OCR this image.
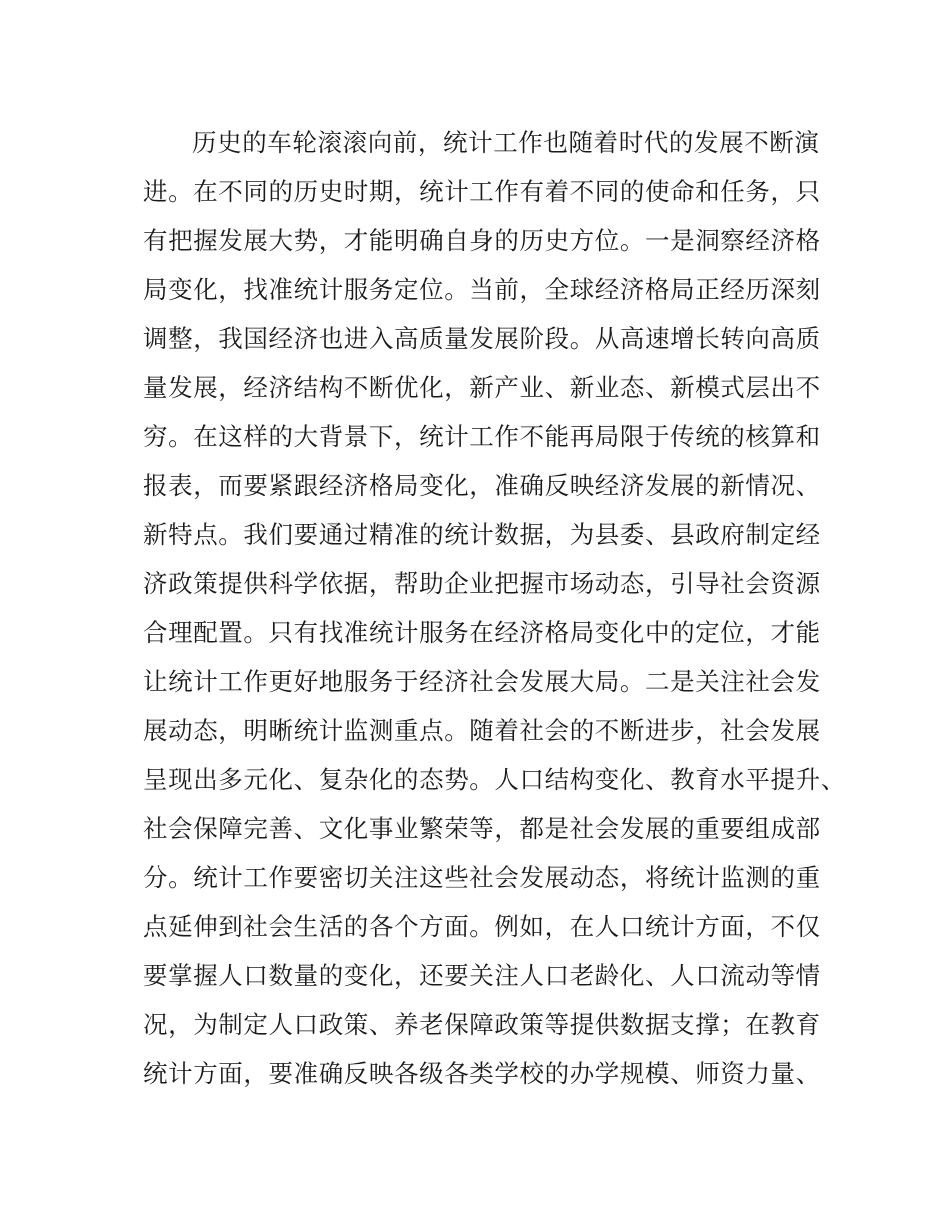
历史的车轮滚滚向前，统计工作也随着时代的发展不断演
进。在不同的历史时期，统计工作有着不同的使命和任务，只
有把握发展大势，才能明确自身的历史方位。一是洞察经济格
局变化，找准统计服务定位。当前，全球经济格局正经历深刻
调整，我国经济也进入高质量发展阶段。从高速增长转向高质
量发展，经济结构不断优化，新产业、新业态、新模式层出不
穷。在这样的大背景下，统计工作不能再局限于传统的核算和
报表，而要紧跟经济格局变化，准确反映经济发展的新情况、
新特点。我们要通过精准的统计数据，为县委、县政府制定经
济政策提供科学依据，帮助企业把握市场动态，引导社会资源
合理配置。只有找准统计服务在经济格局变化中的定位，才能
让统计工作更好地服务于经济社会发展大局。二是关注社会发
展动态，明晰统计监测重点。随着社会的不断进步，社会发展
呈现出多元化、复杂化的态势。人口结构变化、教育水平提升、
社会保障完善、文化事业繁荣等，都是社会发展的重要组成部
分。统计工作要密切关注这些社会发展动态，将统计监测的重
点延伸到社会生活的各个方面。例如，在人口统计方面，不仅
要掌握人口数量的变化，还要关注人口老龄化、人口流动等情
况，为制定人口政策、养老保障政策等提供数据支撑；在教育
统计方面，要准确反映各级各类学校的办学规模、师资力量、
